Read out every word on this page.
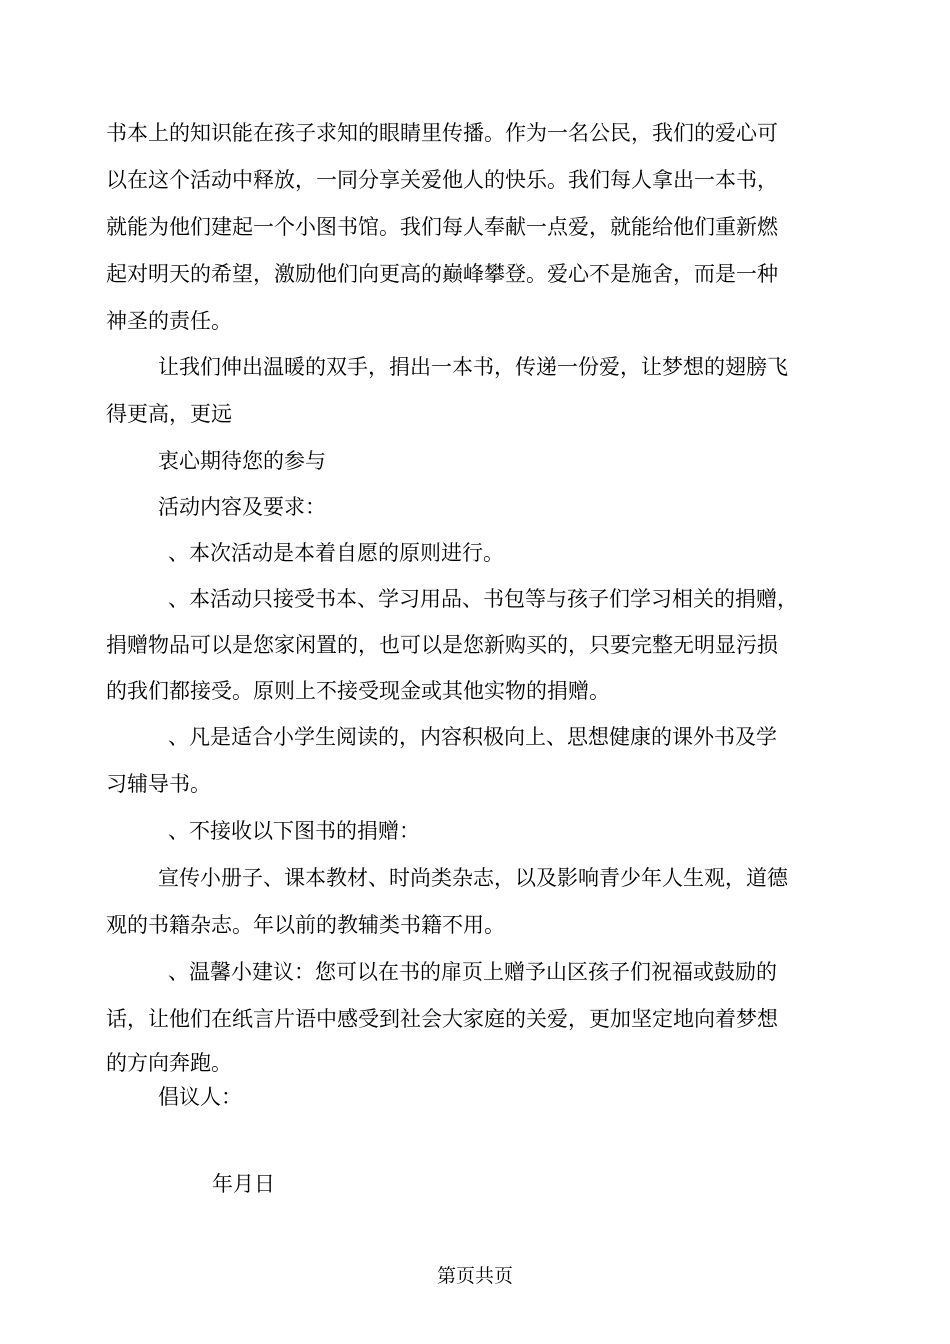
书本上的知识能在孩子求知的眼睛里传播。作为一名公民，我们的爱心可
以在这个活动中释放，一同分享关爱他人的快乐。我们每人拿出一本书，
就能为他们建起一个小图书馆。我们每人奉献一点爱，就能给他们重新燃
起对明天的希望，激励他们向更高的巅峰攀登。爱心不是施舍，而是一种
神圣的责任。
让我们伸出温暖的双手，捐出一本书，传递一份爱，让梦想的翅膀飞
得更高，更远
衷心期待您的参与
活动内容及要求：
、本次活动是本着自愿的原则进行。
、本活动只接受书本、学习用品、书包等与孩子们学习相关的捐赠，
捐赠物品可以是您家闲置的，也可以是您新购买的，只要完整无明显污损
的我们都接受。原则上不接受现金或其他实物的捐赠。
、凡是适合小学生阅读的，内容积极向上、思想健康的课外书及学
习辅导书。
、不接收以下图书的捐赠：
宣传小册子、课本教材、时尚类杂志，以及影响青少年人生观，道德
观的书籍杂志。年以前的教辅类书籍不用。
、温馨小建议：您可以在书的扉页上赠予山区孩子们祝福或鼓励的
话，让他们在纸言片语中感受到社会大家庭的关爱，更加坚定地向着梦想
的方向奔跑。
倡议人：
年月日
第页共页
